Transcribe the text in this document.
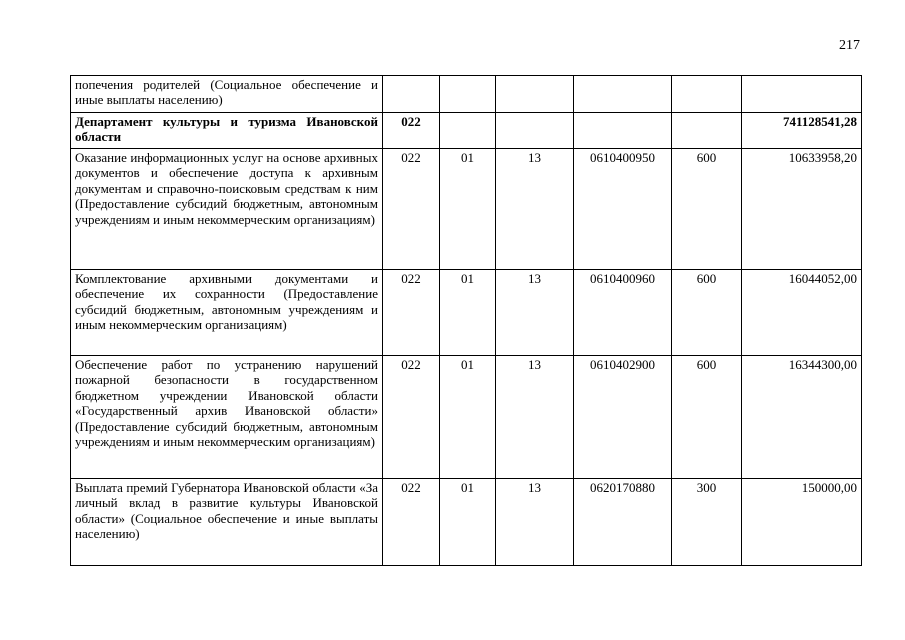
217
попечения родителей (Социальное обеспечение и иные выплаты населению)						
Департамент культуры и туризма Ивановской области	022					741128541,28
Оказание информационных услуг на основе архивных документов и обеспечение доступа к архивным документам и справочно-поисковым средствам к ним (Предоставление субсидий бюджетным, автономным учреждениям и иным некоммерческим организациям)	022	01	13	0610400950	600	10633958,20
Комплектование архивными документами и обеспечение их сохранности (Предоставление субсидий бюджетным, автономным учреждениям и иным некоммерческим организациям)	022	01	13	0610400960	600	16044052,00
Обеспечение работ по устранению нарушений пожарной безопасности в государственном бюджетном учреждении Ивановской области «Государственный архив Ивановской области» (Предоставление субсидий бюджетным, автономным учреждениям и иным некоммерческим организациям)	022	01	13	0610402900	600	16344300,00
Выплата премий Губернатора Ивановской области «За личный вклад в развитие культуры Ивановской области» (Социальное обеспечение и иные выплаты населению)	022	01	13	0620170880	300	150000,00
